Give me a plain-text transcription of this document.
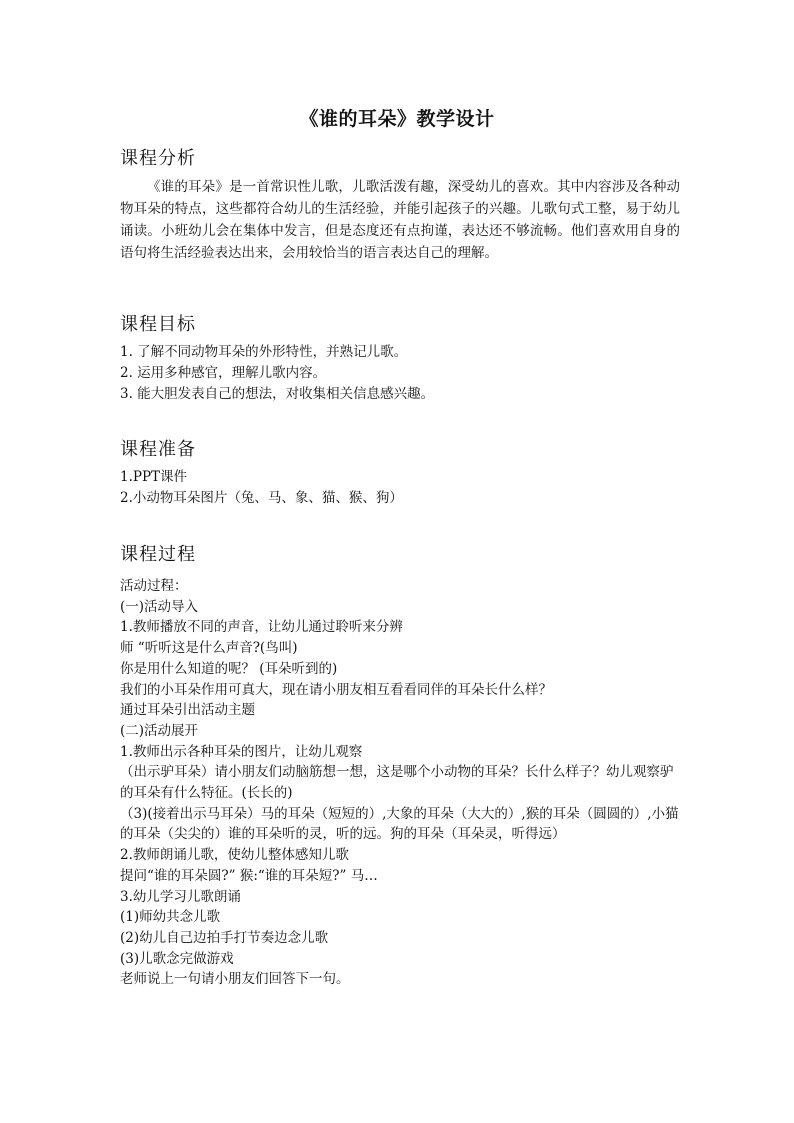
《谁的耳朵》教学设计
课程分析

《谁的耳朵》是一首常识性儿歌，儿歌活泼有趣，深受幼儿的喜欢。其中内容涉及各种动物耳朵的特点，这些都符合幼儿的生活经验，并能引起孩子的兴趣。儿歌句式工整，易于幼儿诵读。小班幼儿会在集体中发言，但是态度还有点拘谨，表达还不够流畅。他们喜欢用自身的语句将生活经验表达出来，会用较恰当的语言表达自己的理解。

课程目标
1. 了解不同动物耳朵的外形特性，并熟记儿歌。
2. 运用多种感官，理解儿歌内容。
3. 能大胆发表自己的想法，对收集相关信息感兴趣。
课程准备
1.PPT课件
2.小动物耳朵图片（兔、马、象、猫、猴、狗）
课程过程
活动过程：
(一)活动导入
1.教师播放不同的声音，让幼儿通过聆听来分辨
师 “听听这是什么声音?(鸟叫)
你是用什么知道的呢？ (耳朵听到的)
我们的小耳朵作用可真大，现在请小朋友相互看看同伴的耳朵长什么样？
通过耳朵引出活动主题
(二)活动展开
1.教师出示各种耳朵的图片，让幼儿观察
（出示驴耳朵）请小朋友们动脑筋想一想，这是哪个小动物的耳朵？长什么样子？幼儿观察驴的耳朵有什么特征。(长长的)
（3)(接着出示马耳朵）马的耳朵（短短的）,大象的耳朵（大大的）,猴的耳朵（圆圆的）,小猫的耳朵（尖尖的）谁的耳朵听的灵，听的远。狗的耳朵（耳朵灵，听得远）
2.教师朗诵儿歌，使幼儿整体感知儿歌
提问“谁的耳朵圆?” 猴:“谁的耳朵短?” 马…
3.幼儿学习儿歌朗诵
(1)师幼共念儿歌
(2)幼儿自己边拍手打节奏边念儿歌
(3)儿歌念完做游戏
老师说上一句请小朋友们回答下一句。
